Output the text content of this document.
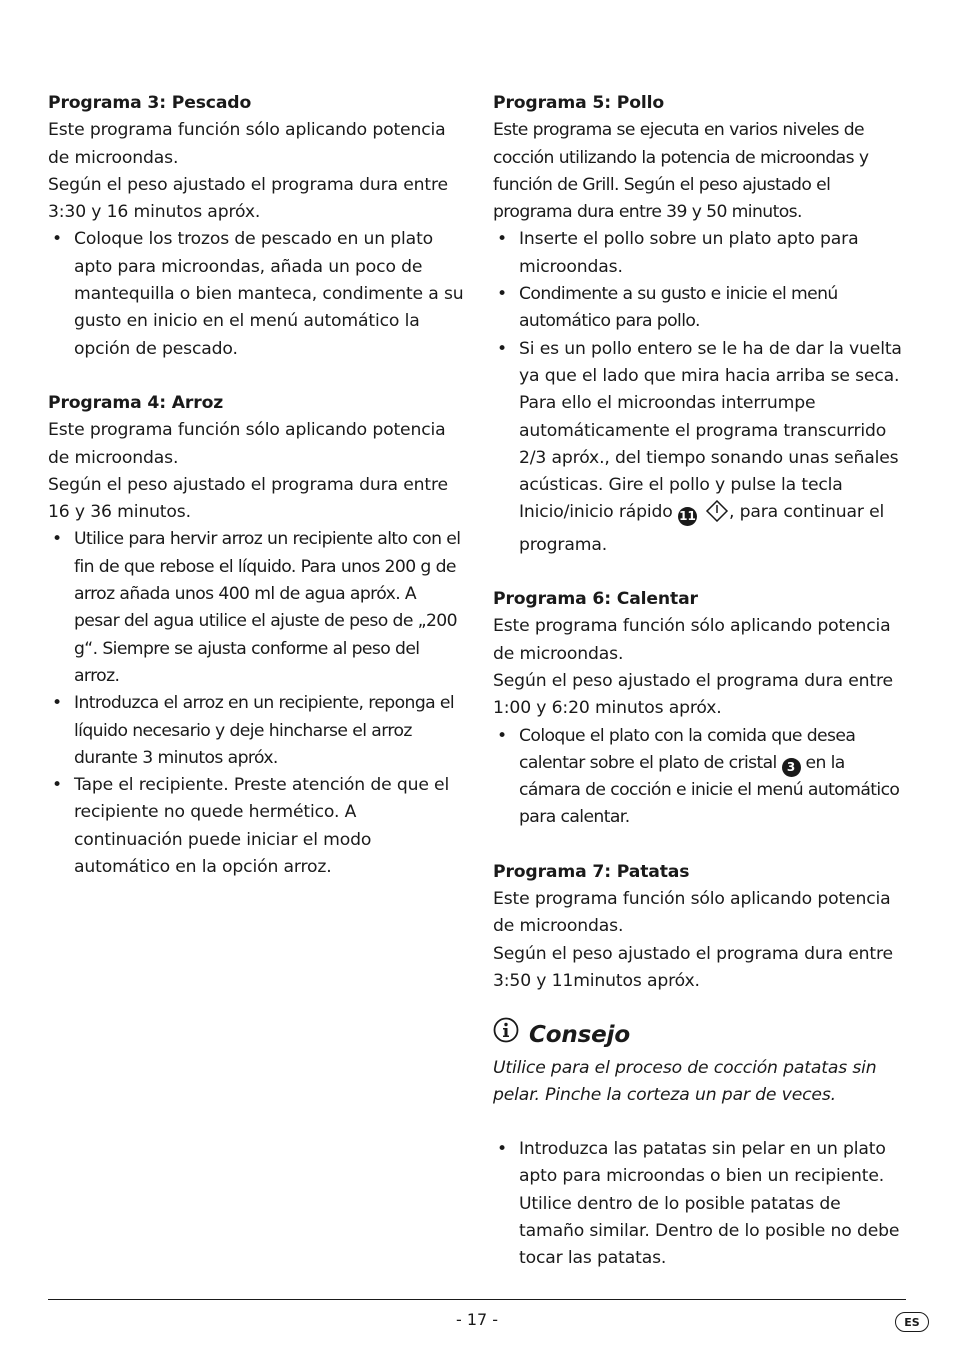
Programa 3: Pescado

Este programa función sólo aplicando potencia de microondas.

Según el peso ajustado el programa dura entre 3:30 y 16 minutos apróx.

• Coloque los trozos de pescado en un plato apto para microondas, añada un poco de mantequilla o bien manteca, condimente a su gusto en inicio en el menú automático la opción de pescado.
Programa 4: Arroz

Este programa función sólo aplicando potencia de microondas.

Según el peso ajustado el programa dura entre 16 y 36 minutos.

• Utilice para hervir arroz un recipiente alto con el fin de que rebose el líquido. Para unos 200 g de arroz añada unos 400 ml de agua apróx. A pesar del agua utilice el ajuste de peso de „200 g“. Siempre se ajusta conforme al peso del arroz.
• Introduzca el arroz en un recipiente, reponga el líquido necesario y deje hincharse el arroz durante 3 minutos apróx.
• Tape el recipiente. Preste atención de que el recipiente no quede hermético. A continuación puede iniciar el modo automático en la opción arroz.
Programa 5: Pollo

Este programa se ejecuta en varios niveles de cocción utilizando la potencia de microondas y función de Grill. Según el peso ajustado el programa dura entre 39 y 50 minutos.

• Inserte el pollo sobre un plato apto para microondas.
• Condimente a su gusto e inicie el menú automático para pollo.
• Si es un pollo entero se le ha de dar la vuelta ya que el lado que mira hacia arriba se seca. Para ello el microondas interrumpe automáticamente el programa transcurrido 2/3 apróx., del tiempo sonando unas señales acústicas. Gire el pollo y pulse la tecla Inicio/inicio rápido 11 , para continuar el programa.
Programa 6: Calentar

Este programa función sólo aplicando potencia de microondas.

Según el peso ajustado el programa dura entre 1:00 y 6:20 minutos apróx.

• Coloque el plato con la comida que desea calentar sobre el plato de cristal 3 en la cámara de cocción e inicie el menú automático para calentar.
Programa 7: Patatas

Este programa función sólo aplicando potencia de microondas.

Según el peso ajustado el programa dura entre 3:50 y 11minutos apróx.

Consejo

Utilice para el proceso de cocción patatas sin pelar. Pinche la corteza un par de veces.

• Introduzca las patatas sin pelar en un plato apto para microondas o bien un recipiente.
Utilice dentro de lo posible patatas de tamaño similar. Dentro de lo posible no debe tocar las patatas.
- 17 -	ES
